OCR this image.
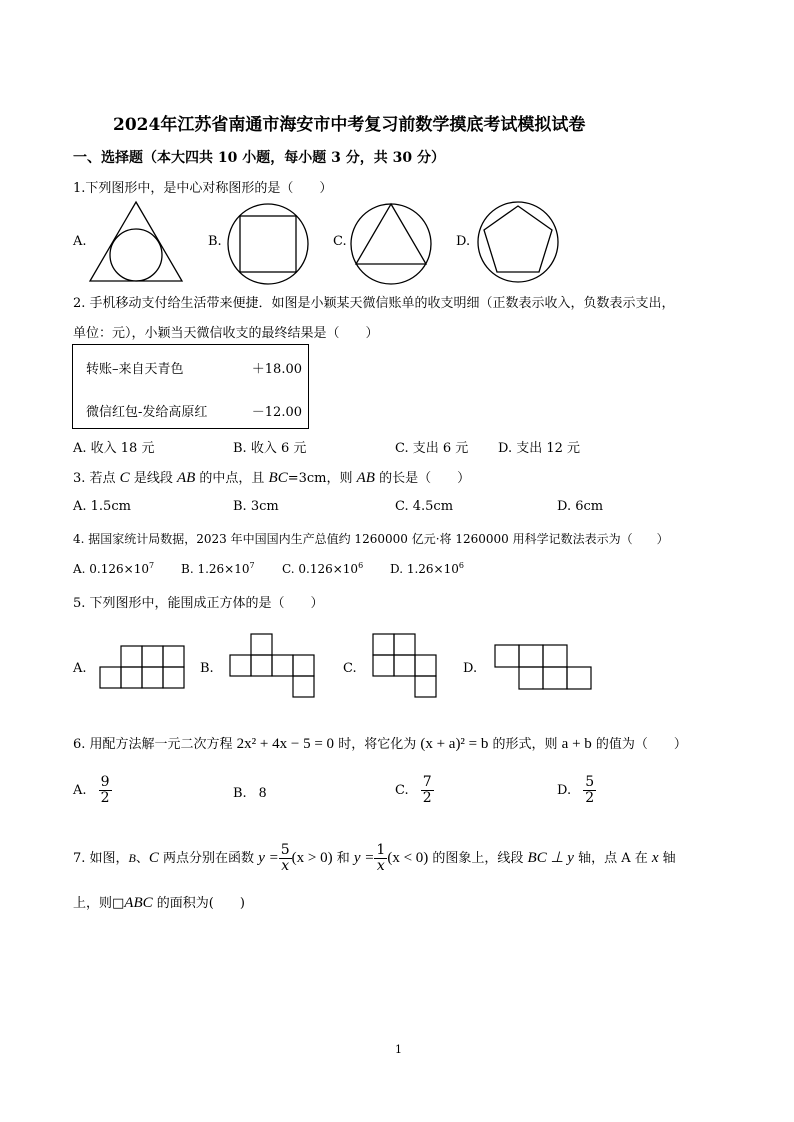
2024年江苏省南通市海安市中考复习前数学摸底考试模拟试卷
一、选择题（本大四共 10 小题，每小题 3 分，共 30 分）
1.下列图形中，是中心对称图形的是（　　）
A.	B.	C.	D.
2. 手机移动支付给生活带来便捷．如图是小颖某天微信账单的收支明细（正数表示收入，负数表示支出，
单位：元），小颖当天微信收支的最终结果是（　　）
转账–来自天青色	＋18.00
微信红包-发给高原红	－12.00
A. 收入 18 元	B. 收入 6 元	C. 支出 6 元 D. 支出 12 元
3. 若点 C 是线段 AB 的中点，且 BC=3cm，则 AB 的长是（　　）
A. 1.5cm	B. 3cm	C. 4.5cm	D. 6cm
4. 据国家统计局数据，2023 年中国国内生产总值约 1260000 亿元·将 1260000 用科学记数法表示为（　　）
A. $0.126\times 10^7$ B. $1.26\times 10^7$ C. $0.126\times 10^6$ D. $1.26\times 10^6$
5. 下列图形中，能围成正方体的是（　　）
A.	B.	C.	D.
6. 用配方法解一元二次方程 2x² + 4x − 5 = 0 时，将它化为 (x + a)² = b 的形式，则 a + b 的值为（　　）
A. $\frac{9}{2}$	B. 8	C. $\frac{7}{2}$	D. $\frac{5}{2}$
7. 如图，B、C 两点分别在函数 $y = \frac{5}{x} (x > 0)$ 和 $y = \frac{1}{x} (x < 0)$ 的图象上，线段 BC ⊥ y 轴，点 A 在 x 轴
上，则□ABC 的面积为(　　)
1
